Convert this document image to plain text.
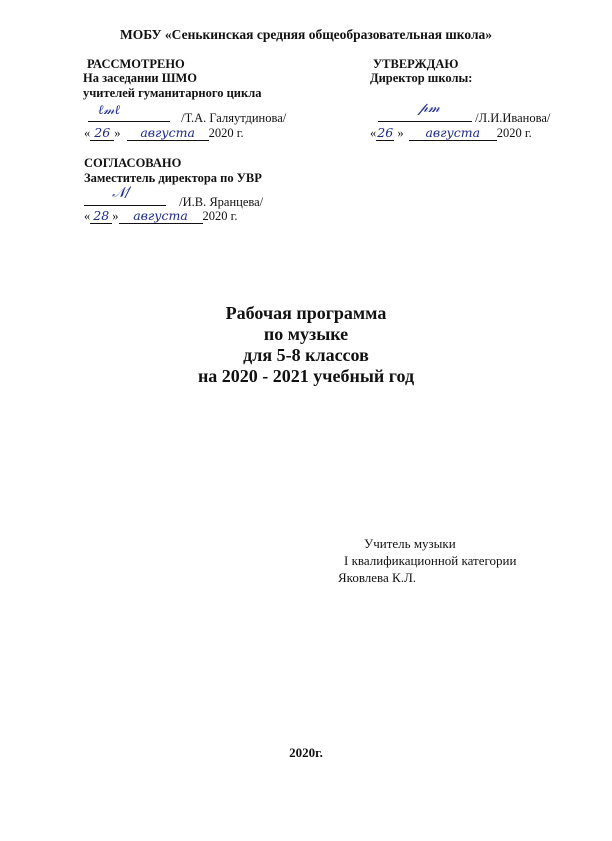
МОБУ «Сенькинская средняя общеобразовательная школа»
РАССМОТРЕНО
На заседании ШМО
учителей гуманитарного цикла
ℓ𝓂ℓ	/Т.А. Галяутдинова/
« 26 » августа 2020 г.
СОГЛАСОВАНО
Заместитель директора по УВР
𝒩/
/И.В. Яранцева/
« 28 » августа 2020 г.
УТВЕРЖДАЮ
Директор школы:
𝓅𝓂
/Л.И.Иванова/
«26 » августа 2020 г.
Рабочая программа
по музыке
для 5-8 классов
на 2020 - 2021 учебный год
Учитель музыки
I квалификационной категории
Яковлева К.Л.
2020г.
